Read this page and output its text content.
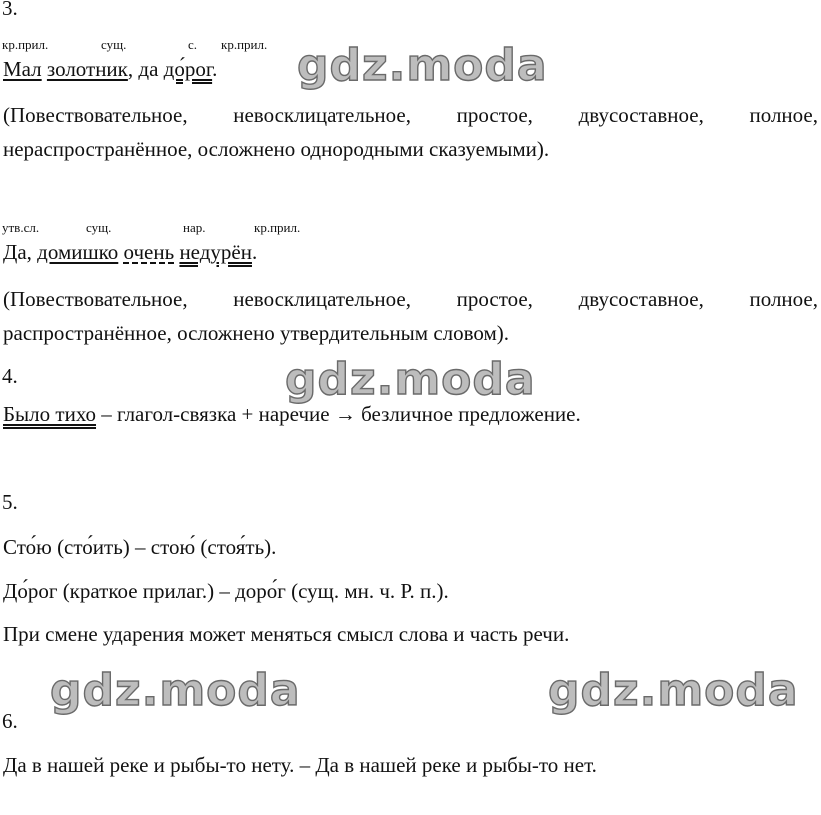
3.
кр.прил.	сущ.	с. кр.прил.
Мал золотник, да до́рог.
(Повествовательное, невосклицательное, простое, двусоставное, полное, нераспространённое, осложнено однородными сказуемыми).
утв.сл.	сущ.	нар.	кр.прил.
Да, домишко очень недурён.
(Повествовательное, невосклицательное, простое, двусоставное, полное, распространённое, осложнено утвердительным словом).
4.
Было тихо – глагол-связка + наречие → безличное предложение.
5.
Сто́ю (сто́ить) – стою́ (стоя́ть).
До́рог (краткое прилаг.) – доро́г (сущ. мн. ч. Р. п.).
При смене ударения может меняться смысл слова и часть речи.
6.
Да в нашей реке и рыбы-то нету. – Да в нашей реке и рыбы-то нет.
gdz.moda
gdz.moda
gdz.moda	gdz.moda
